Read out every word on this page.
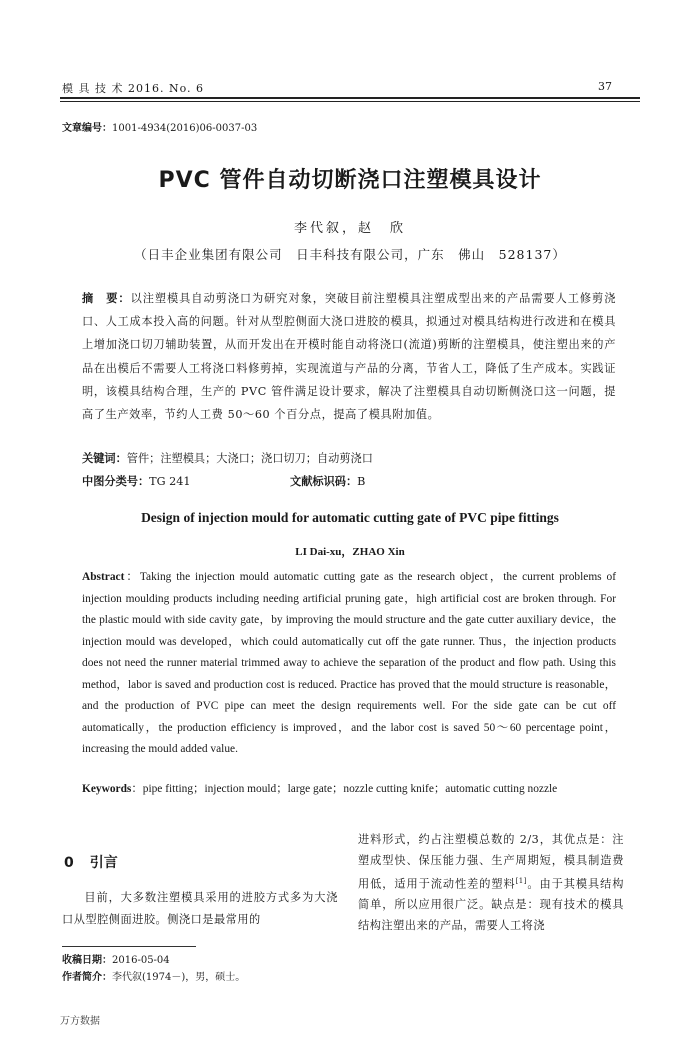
模 具 技 术 2016. No. 6	37
文章编号：1001-4934(2016)06-0037-03
PVC 管件自动切断浇口注塑模具设计
李代叙，赵　欣
（日丰企业集团有限公司　日丰科技有限公司，广东　佛山　528137）
摘　要：以注塑模具自动剪浇口为研究对象，突破目前注塑模具注塑成型出来的产品需要人工修剪浇口、人工成本投入高的问题。针对从型腔侧面大浇口进胶的模具，拟通过对模具结构进行改进和在模具上增加浇口切刀辅助装置，从而开发出在开模时能自动将浇口(流道)剪断的注塑模具，使注塑出来的产品在出模后不需要人工将浇口料修剪掉，实现流道与产品的分离，节省人工，降低了生产成本。实践证明，该模具结构合理，生产的 PVC 管件满足设计要求，解决了注塑模具自动切断侧浇口这一问题，提高了生产效率，节约人工费 50～60 个百分点，提高了模具附加值。
关键词：管件；注塑模具；大浇口；浇口切刀；自动剪浇口
中图分类号：TG 241	文献标识码：B
Design of injection mould for automatic cutting gate of PVC pipe fittings
LI Dai-xu，ZHAO Xin
Abstract：Taking the injection mould automatic cutting gate as the research object，the current problems of injection moulding products including needing artificial pruning gate，high artificial cost are broken through. For the plastic mould with side cavity gate，by improving the mould structure and the gate cutter auxiliary device，the injection mould was developed，which could automatically cut off the gate runner. Thus，the injection products does not need the runner material trimmed away to achieve the separation of the product and flow path. Using this method，labor is saved and production cost is reduced. Practice has proved that the mould structure is reasonable，and the production of PVC pipe can meet the design requirements well. For the side gate can be cut off automatically，the production efficiency is improved，and the labor cost is saved 50～60 percentage point，increasing the mould added value.
Keywords：pipe fitting；injection mould；large gate；nozzle cutting knife；automatic cutting nozzle
0 引言
目前，大多数注塑模具采用的进胶方式多为大浇口从型腔侧面进胶。侧浇口是最常用的
进料形式，约占注塑模总数的 2/3，其优点是：注塑成型快、保压能力强、生产周期短，模具制造费用低，适用于流动性差的塑料[1]。由于其模具结构简单，所以应用很广泛。缺点是：现有技术的模具结构注塑出来的产品，需要人工将浇
收稿日期：2016-05-04
作者简介：李代叙(1974－)，男，硕士。
万方数据
